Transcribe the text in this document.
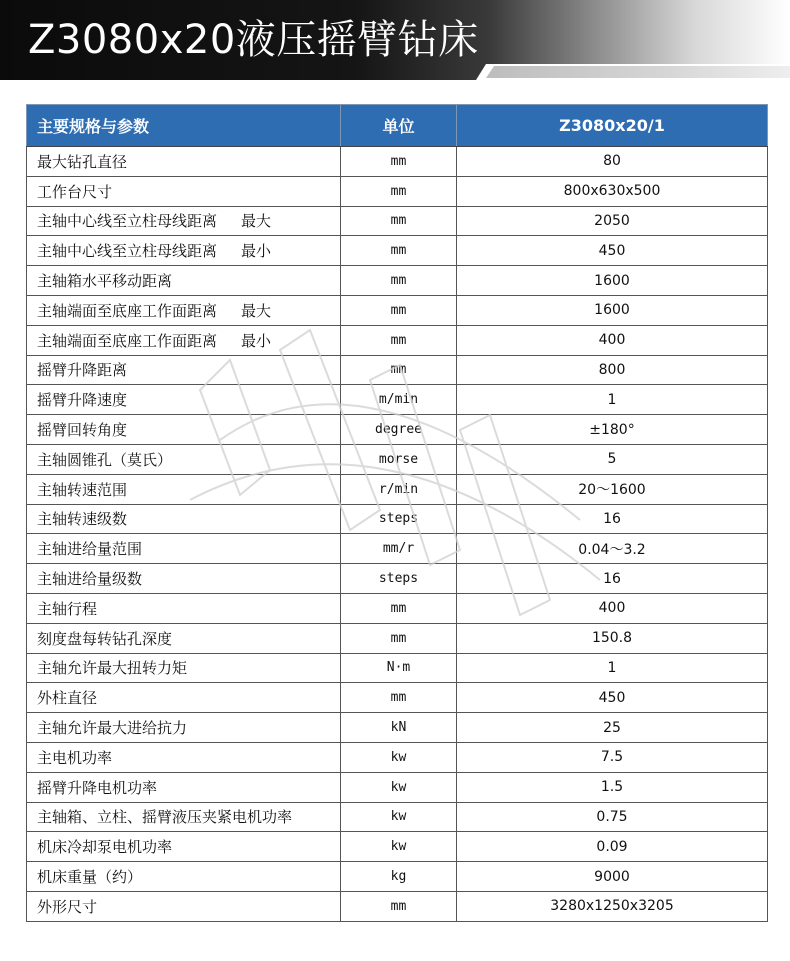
Z3080x20液压摇臂钻床
主要规格与参数	单位	Z3080x20/1
最大钻孔直径	mm	80
工作台尺寸	mm	800x630x500
主轴中心线至立柱母线距离 最大	mm	2050
主轴中心线至立柱母线距离 最小	mm	450
主轴箱水平移动距离	mm	1600
主轴端面至底座工作面距离 最大	mm	1600
主轴端面至底座工作面距离 最小	mm	400
摇臂升降距离	mm	800
摇臂升降速度	m/min	1
摇臂回转角度	degree	±180°
主轴圆锥孔（莫氏）	morse	5
主轴转速范围	r/min	20～1600
主轴转速级数	steps	16
主轴进给量范围	mm/r	0.04～3.2
主轴进给量级数	steps	16
主轴行程	mm	400
刻度盘每转钻孔深度	mm	150.8
主轴允许最大扭转力矩	N·m	1
外柱直径	mm	450
主轴允许最大进给抗力	kN	25
主电机功率	kw	7.5
摇臂升降电机功率	kw	1.5
主轴箱、立柱、摇臂液压夹紧电机功率	kw	0.75
机床冷却泵电机功率	kw	0.09
机床重量（约）	kg	9000
外形尺寸	mm	3280x1250x3205
